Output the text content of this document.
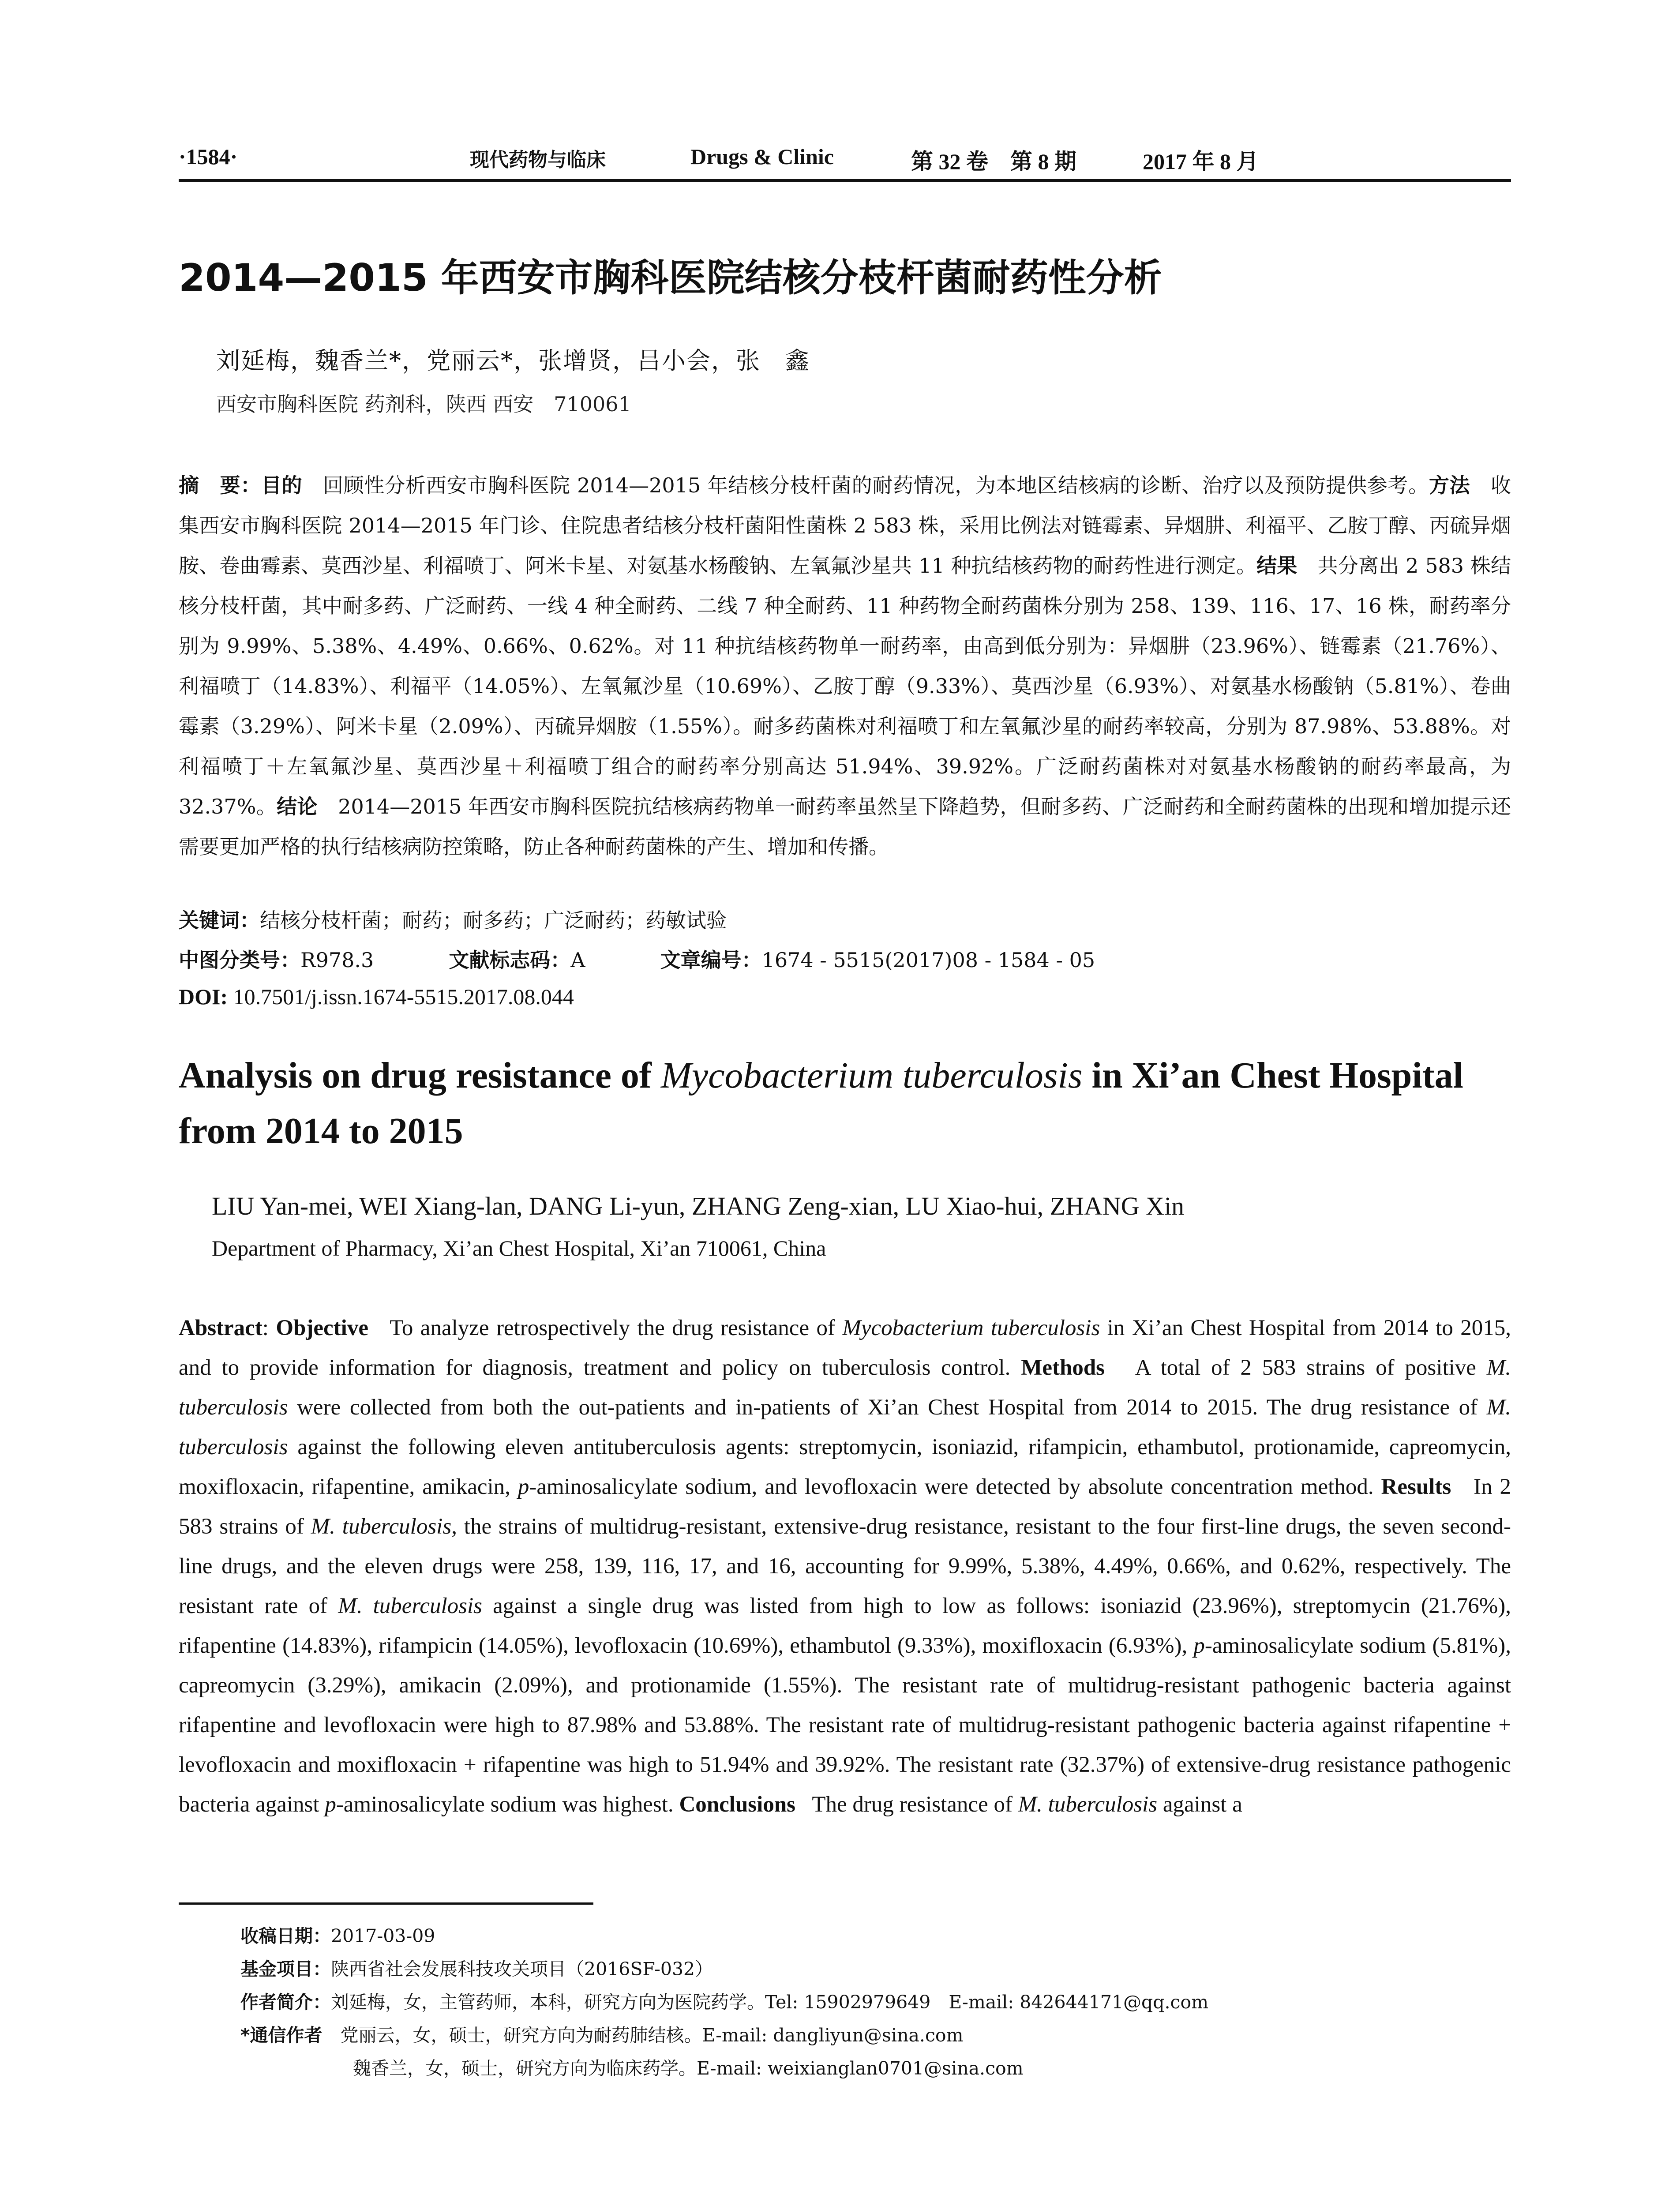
·1584·	现代药物与临床	Drugs & Clinic	第 32 卷　第 8 期	2017 年 8 月
2014—2015 年西安市胸科医院结核分枝杆菌耐药性分析
刘延梅，魏香兰*，党丽云*，张增贤，吕小会，张　鑫
西安市胸科医院 药剂科，陕西 西安　710061
摘　要：目的　 回顾性分析西安市胸科医院 2014—2015 年结核分枝杆菌的耐药情况，为本地区结核病的诊断、治疗以及预防提供参考。方法　 收集西安市胸科医院 2014—2015 年门诊、住院患者结核分枝杆菌阳性菌株 2 583 株，采用比例法对链霉素、异烟肼、利福平、乙胺丁醇、丙硫异烟胺、卷曲霉素、莫西沙星、利福喷丁、阿米卡星、对氨基水杨酸钠、左氧氟沙星共 11 种抗结核药物的耐药性进行测定。结果　 共分离出 2 583 株结核分枝杆菌，其中耐多药、广泛耐药、一线 4 种全耐药、二线 7 种全耐药、11 种药物全耐药菌株分别为 258、139、116、17、16 株，耐药率分别为 9.99%、5.38%、4.49%、0.66%、0.62%。对 11 种抗结核药物单一耐药率，由高到低分别为：异烟肼（23.96%）、链霉素（21.76%）、利福喷丁（14.83%）、利福平（14.05%）、左氧氟沙星（10.69%）、乙胺丁醇（9.33%）、莫西沙星（6.93%）、对氨基水杨酸钠（5.81%）、卷曲霉素（3.29%）、阿米卡星（2.09%）、丙硫异烟胺（1.55%）。耐多药菌株对利福喷丁和左氧氟沙星的耐药率较高，分别为 87.98%、53.88%。对利福喷丁＋左氧氟沙星、莫西沙星＋利福喷丁组合的耐药率分别高达 51.94%、39.92%。广泛耐药菌株对对氨基水杨酸钠的耐药率最高，为 32.37%。结论　 2014—2015 年西安市胸科医院抗结核病药物单一耐药率虽然呈下降趋势，但耐多药、广泛耐药和全耐药菌株的出现和增加提示还需要更加严格的执行结核病防控策略，防止各种耐药菌株的产生、增加和传播。
关键词：结核分枝杆菌；耐药；耐多药；广泛耐药；药敏试验
中图分类号：R978.3	文献标志码：A	文章编号：1674 - 5515(2017)08 - 1584 - 05
DOI: 10.7501/j.issn.1674-5515.2017.08.044
Analysis on drug resistance of Mycobacterium tuberculosis in Xi’an Chest Hospital from 2014 to 2015
LIU Yan-mei, WEI Xiang-lan, DANG Li-yun, ZHANG Zeng-xian, LU Xiao-hui, ZHANG Xin
Department of Pharmacy, Xi’an Chest Hospital, Xi’an 710061, China
Abstract: Objective To analyze retrospectively the drug resistance of Mycobacterium tuberculosis in Xi’an Chest Hospital from 2014 to 2015, and to provide information for diagnosis, treatment and policy on tuberculosis control. Methods A total of 2 583 strains of positive M. tuberculosis were collected from both the out-patients and in-patients of Xi’an Chest Hospital from 2014 to 2015. The drug resistance of M. tuberculosis against the following eleven antituberculosis agents: streptomycin, isoniazid, rifampicin, ethambutol, protionamide, capreomycin, moxifloxacin, rifapentine, amikacin, p-aminosalicylate sodium, and levofloxacin were detected by absolute concentration method. Results In 2 583 strains of M. tuberculosis, the strains of multidrug-resistant, extensive-drug resistance, resistant to the four first-line drugs, the seven second-line drugs, and the eleven drugs were 258, 139, 116, 17, and 16, accounting for 9.99%, 5.38%, 4.49%, 0.66%, and 0.62%, respectively. The resistant rate of M. tuberculosis against a single drug was listed from high to low as follows: isoniazid (23.96%), streptomycin (21.76%), rifapentine (14.83%), rifampicin (14.05%), levofloxacin (10.69%), ethambutol (9.33%), moxifloxacin (6.93%), p-aminosalicylate sodium (5.81%), capreomycin (3.29%), amikacin (2.09%), and protionamide (1.55%). The resistant rate of multidrug-resistant pathogenic bacteria against rifapentine and levofloxacin were high to 87.98% and 53.88%. The resistant rate of multidrug-resistant pathogenic bacteria against rifapentine + levofloxacin and moxifloxacin + rifapentine was high to 51.94% and 39.92%. The resistant rate (32.37%) of extensive-drug resistance pathogenic bacteria against p-aminosalicylate sodium was highest. Conclusions The drug resistance of M. tuberculosis against a
收稿日期：2017-03-09
基金项目：陕西省社会发展科技攻关项目（2016SF-032）
作者简介：刘延梅，女，主管药师，本科，研究方向为医院药学。Tel: 15902979649　E-mail: 842644171@qq.com
*通信作者　 党丽云，女，硕士，研究方向为耐药肺结核。E-mail: dangliyun@sina.com
魏香兰，女，硕士，研究方向为临床药学。E-mail: weixianglan0701@sina.com
